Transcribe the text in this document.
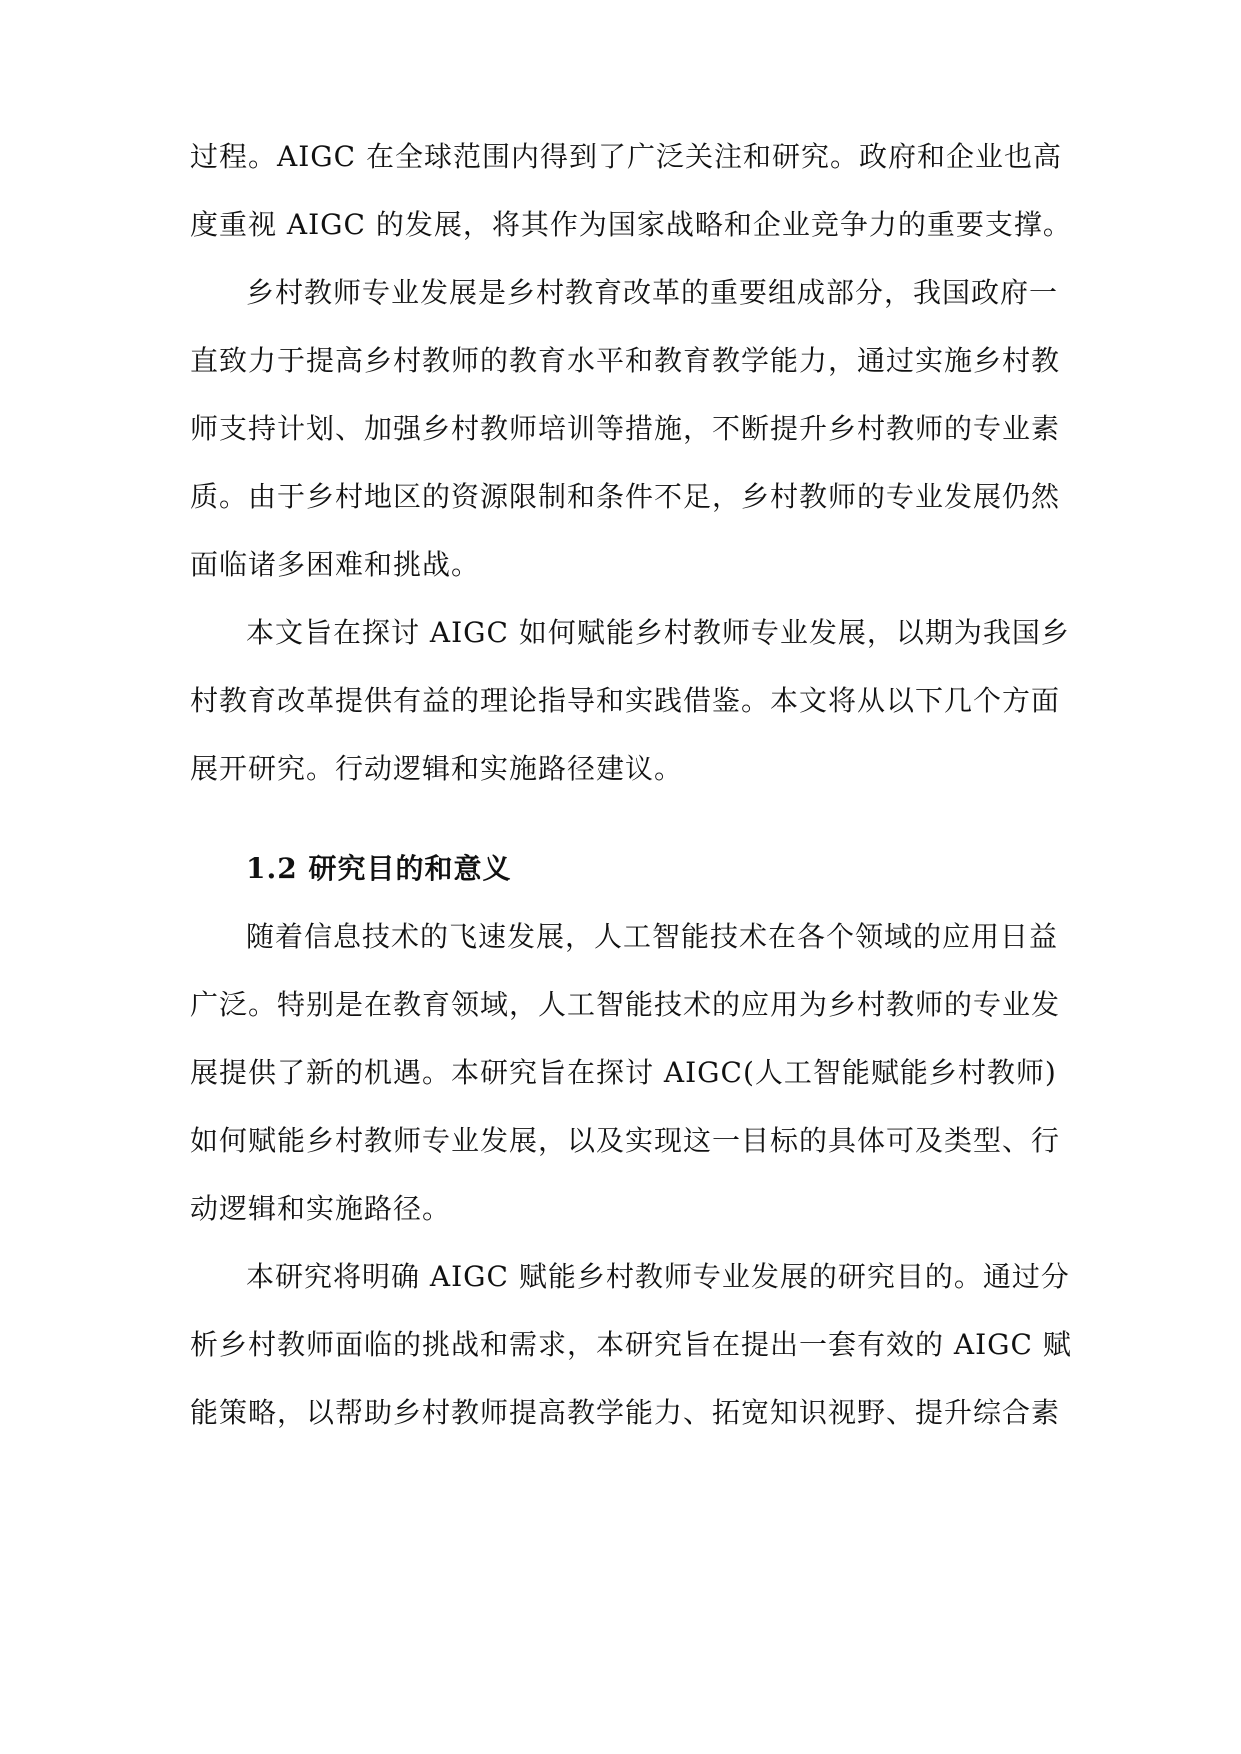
过程。AIGC 在全球范围内得到了广泛关注和研究。政府和企业也高
度重视 AIGC 的发展，将其作为国家战略和企业竞争力的重要支撑。
乡村教师专业发展是乡村教育改革的重要组成部分，我国政府一
直致力于提高乡村教师的教育水平和教育教学能力，通过实施乡村教
师支持计划、加强乡村教师培训等措施，不断提升乡村教师的专业素
质。由于乡村地区的资源限制和条件不足，乡村教师的专业发展仍然
面临诸多困难和挑战。
本文旨在探讨 AIGC 如何赋能乡村教师专业发展，以期为我国乡
村教育改革提供有益的理论指导和实践借鉴。本文将从以下几个方面
展开研究。行动逻辑和实施路径建议。
1.2 研究目的和意义
随着信息技术的飞速发展，人工智能技术在各个领域的应用日益
广泛。特别是在教育领域，人工智能技术的应用为乡村教师的专业发
展提供了新的机遇。本研究旨在探讨 AIGC(人工智能赋能乡村教师)
如何赋能乡村教师专业发展，以及实现这一目标的具体可及类型、行
动逻辑和实施路径。
本研究将明确 AIGC 赋能乡村教师专业发展的研究目的。通过分
析乡村教师面临的挑战和需求，本研究旨在提出一套有效的 AIGC 赋
能策略，以帮助乡村教师提高教学能力、拓宽知识视野、提升综合素
